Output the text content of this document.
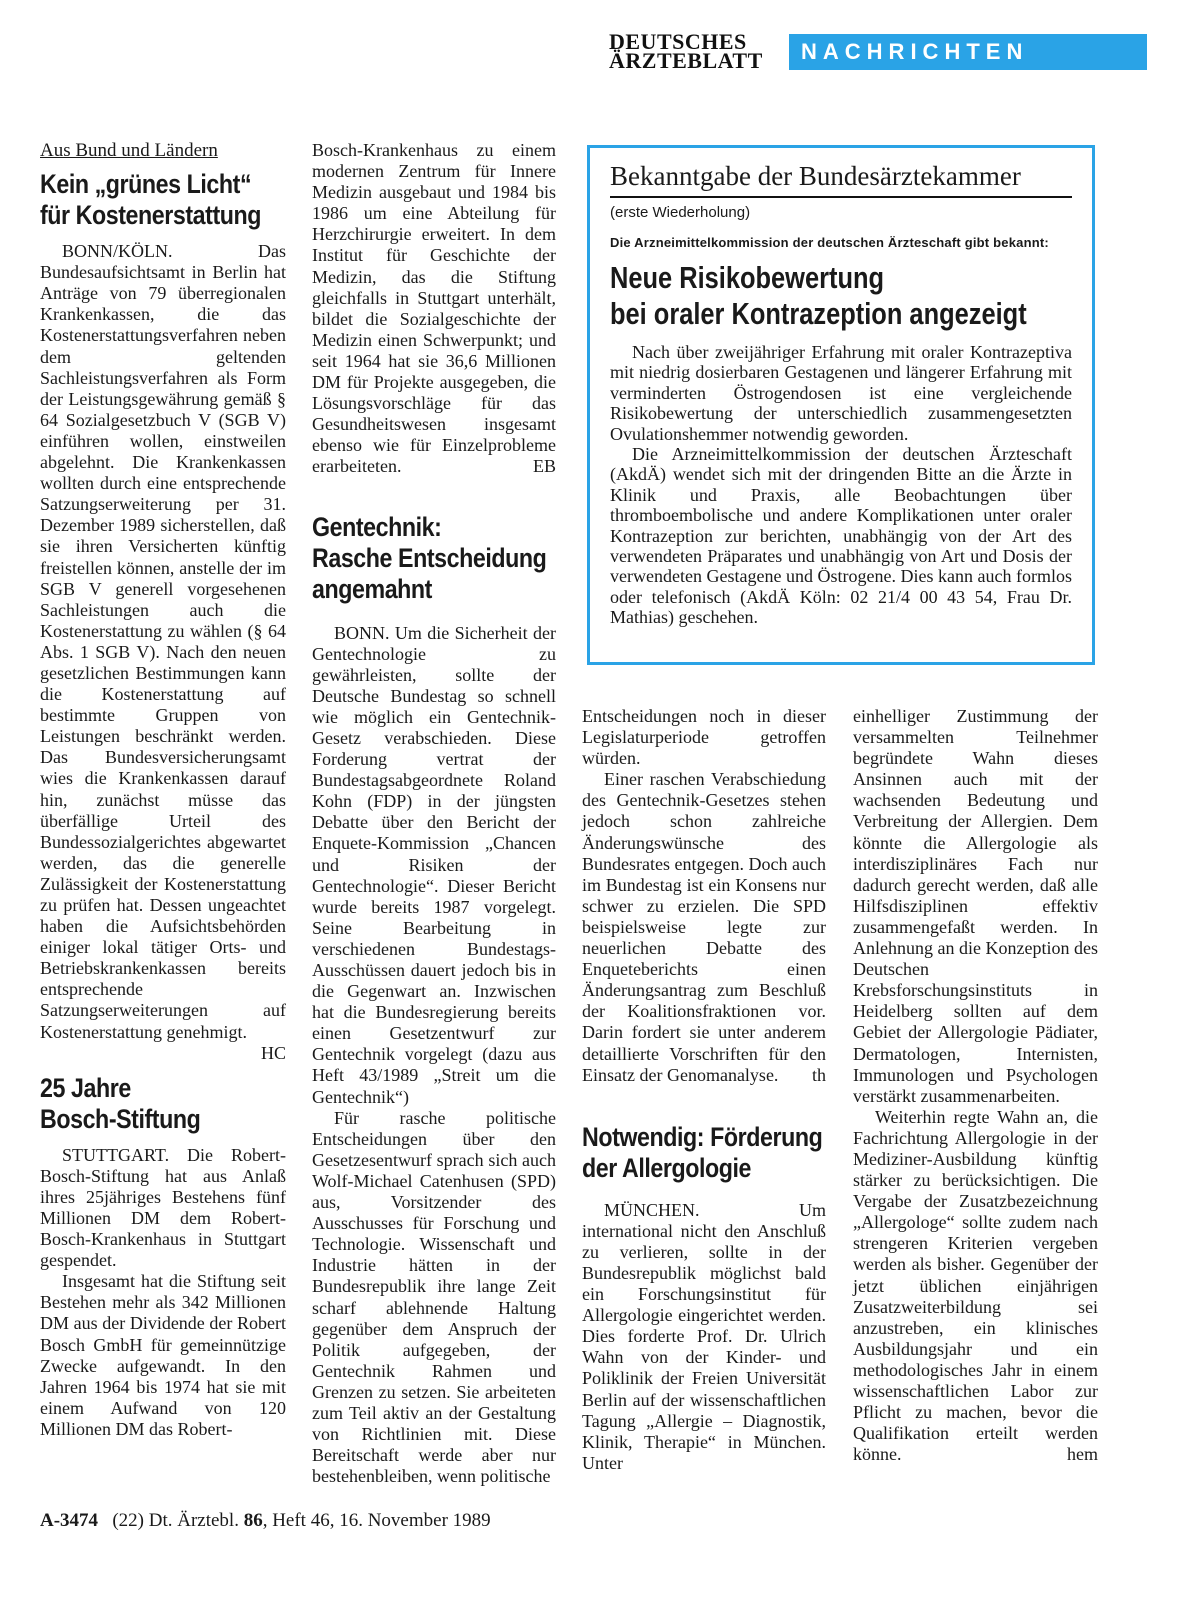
DEUTSCHES
ÄRZTEBLATT	NACHRICHTEN
Aus Bund und Ländern
Kein „grünes Licht“
für Kostenerstattung

BONN/KÖLN. Das Bundesaufsichtsamt in Berlin hat Anträge von 79 überregionalen Krankenkassen, die das Kostenerstattungsverfahren neben dem geltenden Sachleistungsverfahren als Form der Leistungsgewährung gemäß § 64 Sozialgesetzbuch V (SGB V) einführen wollen, einstweilen abgelehnt. Die Krankenkassen wollten durch eine entsprechende Satzungserweiterung per 31. Dezember 1989 sicherstellen, daß sie ihren Versicherten künftig freistellen können, anstelle der im SGB V generell vorgesehenen Sachleistungen auch die Kostenerstattung zu wählen (§ 64 Abs. 1 SGB V). Nach den neuen gesetzlichen Bestimmungen kann die Kostenerstattung auf bestimmte Gruppen von Leistungen beschränkt werden. Das Bundesversicherungsamt wies die Krankenkassen darauf hin, zunächst müsse das überfällige Urteil des Bundessozialgerichtes abgewartet werden, das die generelle Zulässigkeit der Kostenerstattung zu prüfen hat. Dessen ungeachtet haben die Aufsichtsbehörden einiger lokal tätiger Orts- und Betriebskrankenkassen bereits entsprechende Satzungserweiterungen auf Kostenerstattung genehmigt.
HC

25 Jahre
Bosch-Stiftung

STUTTGART. Die Robert-Bosch-Stiftung hat aus Anlaß ihres 25jähriges Bestehens fünf Millionen DM dem Robert-Bosch-Krankenhaus in Stuttgart gespendet.

Insgesamt hat die Stiftung seit Bestehen mehr als 342 Millionen DM aus der Dividende der Robert Bosch GmbH für gemeinnützige Zwecke aufgewandt. In den Jahren 1964 bis 1974 hat sie mit einem Aufwand von 120 Millionen DM das Robert-

Bosch-Krankenhaus zu einem modernen Zentrum für Innere Medizin ausgebaut und 1984 bis 1986 um eine Abteilung für Herzchirurgie erweitert. In dem Institut für Geschichte der Medizin, das die Stiftung gleichfalls in Stuttgart unterhält, bildet die Sozialgeschichte der Medizin einen Schwerpunkt; und seit 1964 hat sie 36,6 Millionen DM für Projekte ausgegeben, die Lösungsvorschläge für das Gesundheitswesen insgesamt ebenso wie für Einzelprobleme erarbeiteten.	EB

Gentechnik:
Rasche Entscheidung
angemahnt

BONN. Um die Sicherheit der Gentechnologie zu gewährleisten, sollte der Deutsche Bundestag so schnell wie möglich ein Gentechnik-Gesetz verabschieden. Diese Forderung vertrat der Bundestagsabgeordnete Roland Kohn (FDP) in der jüngsten Debatte über den Bericht der Enquete-Kommission „Chancen und Risiken der Gentechnologie“. Dieser Bericht wurde bereits 1987 vorgelegt. Seine Bearbeitung in verschiedenen Bundestags-Ausschüssen dauert jedoch bis in die Gegenwart an. Inzwischen hat die Bundesregierung bereits einen Gesetzentwurf zur Gentechnik vorgelegt (dazu aus Heft 43/1989 „Streit um die Gentechnik“)

Für rasche politische Entscheidungen über den Gesetzesentwurf sprach sich auch Wolf-Michael Catenhusen (SPD) aus, Vorsitzender des Ausschusses für Forschung und Technologie. Wissenschaft und Industrie hätten in der Bundesrepublik ihre lange Zeit scharf ablehnende Haltung gegenüber dem Anspruch der Politik aufgegeben, der Gentechnik Rahmen und Grenzen zu setzen. Sie arbeiteten zum Teil aktiv an der Gestaltung von Richtlinien mit. Diese Bereitschaft werde aber nur bestehenbleiben, wenn politische

Bekanntgabe der Bundesärztekammer
(erste Wiederholung)
Die Arzneimittelkommission der deutschen Ärzteschaft gibt bekannt:
Neue Risikobewertung
bei oraler Kontrazeption angezeigt

Nach über zweijähriger Erfahrung mit oraler Kontrazeptiva mit niedrig dosierbaren Gestagenen und längerer Erfahrung mit verminderten Östrogendosen ist eine vergleichende Risikobewertung der unterschiedlich zusammengesetzten Ovulationshemmer notwendig geworden.

Die Arzneimittelkommission der deutschen Ärzteschaft (AkdÄ) wendet sich mit der dringenden Bitte an die Ärzte in Klinik und Praxis, alle Beobachtungen über thromboembolische und andere Komplikationen unter oraler Kontrazeption zur berichten, unabhängig von der Art des verwendeten Präparates und unabhängig von Art und Dosis der verwendeten Gestagene und Östrogene. Dies kann auch formlos oder telefonisch (AkdÄ Köln: 02 21/4 00 43 54, Frau Dr. Mathias) geschehen.

Entscheidungen noch in dieser Legislaturperiode getroffen würden.

Einer raschen Verabschiedung des Gentechnik-Gesetzes stehen jedoch schon zahlreiche Änderungswünsche des Bundesrates entgegen. Doch auch im Bundestag ist ein Konsens nur schwer zu erzielen. Die SPD beispielsweise legte zur neuerlichen Debatte des Enqueteberichts einen Änderungsantrag zum Beschluß der Koalitionsfraktionen vor. Darin fordert sie unter anderem detaillierte Vorschriften für den Einsatz der Genomanalyse.	th

Notwendig: Förderung
der Allergologie

MÜNCHEN. Um international nicht den Anschluß zu verlieren, sollte in der Bundesrepublik möglichst bald ein Forschungsinstitut für Allergologie eingerichtet werden. Dies forderte Prof. Dr. Ulrich Wahn von der Kinder- und Poliklinik der Freien Universität Berlin auf der wissenschaftlichen Tagung „Allergie – Diagnostik, Klinik, Therapie“ in München. Unter

einhelliger Zustimmung der versammelten Teilnehmer begründete Wahn dieses Ansinnen auch mit der wachsenden Bedeutung und Verbreitung der Allergien. Dem könnte die Allergologie als interdisziplinäres Fach nur dadurch gerecht werden, daß alle Hilfsdisziplinen effektiv zusammengefaßt werden. In Anlehnung an die Konzeption des Deutschen Krebsforschungsinstituts in Heidelberg sollten auf dem Gebiet der Allergologie Pädiater, Dermatologen, Internisten, Immunologen und Psychologen verstärkt zusammenarbeiten.

Weiterhin regte Wahn an, die Fachrichtung Allergologie in der Mediziner-Ausbildung künftig stärker zu berücksichtigen. Die Vergabe der Zusatzbezeichnung „Allergologe“ sollte zudem nach strengeren Kriterien vergeben werden als bisher. Gegenüber der jetzt üblichen einjährigen Zusatzweiterbildung sei anzustreben, ein klinisches Ausbildungsjahr und ein methodologisches Jahr in einem wissenschaftlichen Labor zur Pflicht zu machen, bevor die Qualifikation erteilt werden könne.	hem

A-3474 (22) Dt. Ärztebl. 86, Heft 46, 16. November 1989
